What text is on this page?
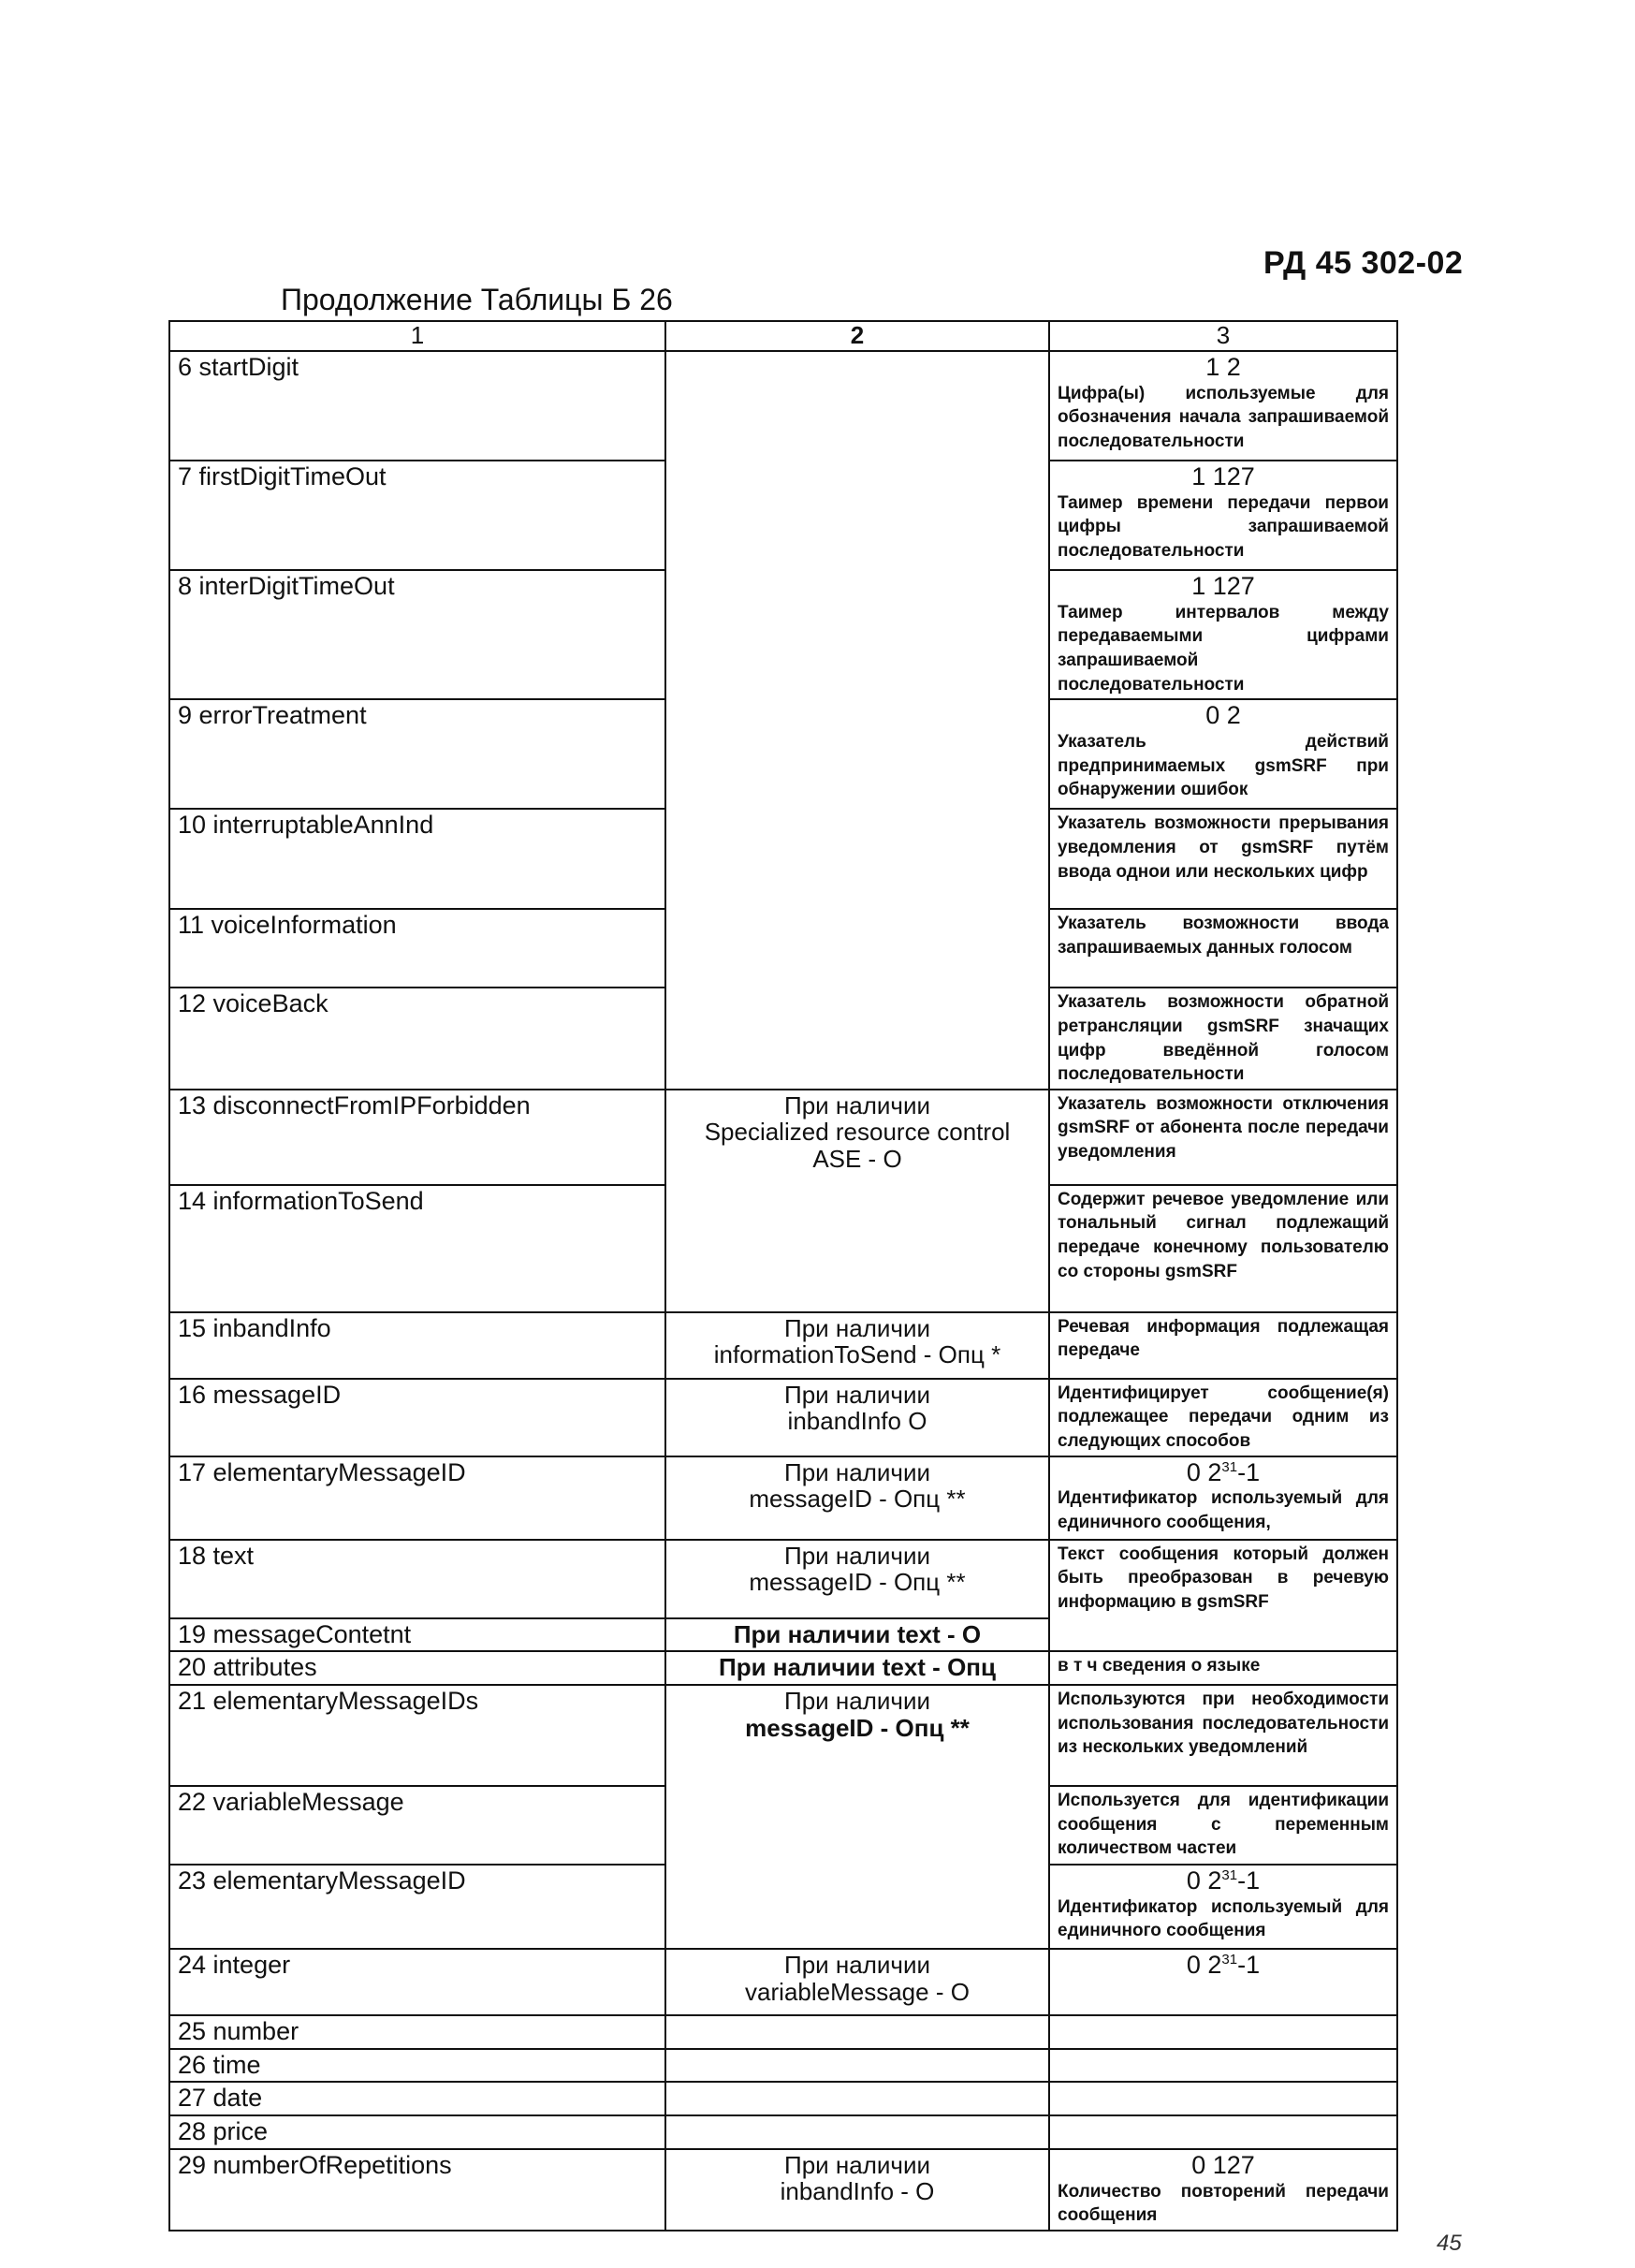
РД 45 302-02
Продолжение Таблицы Б 26
1	2	3
6 startDigit		1 2
Цифра(ы) используемые для обозначения начала запрашиваемой последовательности

7 firstDigitTimeOut		1 127
Таимер времени передачи первои цифры запрашиваемой последовательности

8 interDigitTimeOut		1 127
Таимер интервалов между передаваемыми цифрами запрашиваемой последовательности

9 errorTreatment		0 2
Указатель действий предпринимаемых gsmSRF при обнаружении ошибок

10 interruptableAnnInd		Указатель возможности прерывания уведомления от gsmSRF путём ввода однои или нескольких цифр

11 voiceInformation		Указатель возможности ввода запрашиваемых данных голосом

12 voiceBack		Указатель возможности обратной ретрансляции gsmSRF значащих цифр введённой голосом последовательности

13 disconnectFromIPForbidden	При наличии
Specialized resource control
ASE - O	Указатель возможности отключения gsmSRF от абонента после передачи уведомления

14 informationToSend		Содержит речевое уведомление или тональный сигнал подлежащий передаче конечному пользователю со стороны gsmSRF

15 inbandInfo	При наличии
informationToSend - Опц *	Речевая информация подлежащая передаче

16 messageID	При наличии
inbandInfo O	Идентифицирует сообщение(я) подлежащее передачи одним из следующих способов

17 elementaryMessageID	При наличии
messageID - Опц **	0 $2^{31}-1$
Идентификатор используемый для единичного сообщения,

18 text	При наличии
messageID - Опц **	Текст сообщения который должен быть преобразован в речевую информацию в gsmSRF

19 messageContetnt	При наличии text - O	

20 attributes	При наличии text - Опц	в т ч сведения о языке

21 elementaryMessageIDs	При наличии
messageID - Опц **	Используются при необходимости использования последовательности из нескольких уведомлений

22 variableMessage		Используется для идентификации сообщения с переменным количеством частеи

23 elementaryMessageID		0 $2^{31}-1$
Идентификатор используемый для единичного сообщения

24 integer	При наличии
variableMessage - O	0 $2^{31}-1$

25 number		
26 time		
27 date		
28 price		
29 numberOfRepetitions	При наличии
inbandInfo - O	0 127
Количество повторений передачи сообщения
45
